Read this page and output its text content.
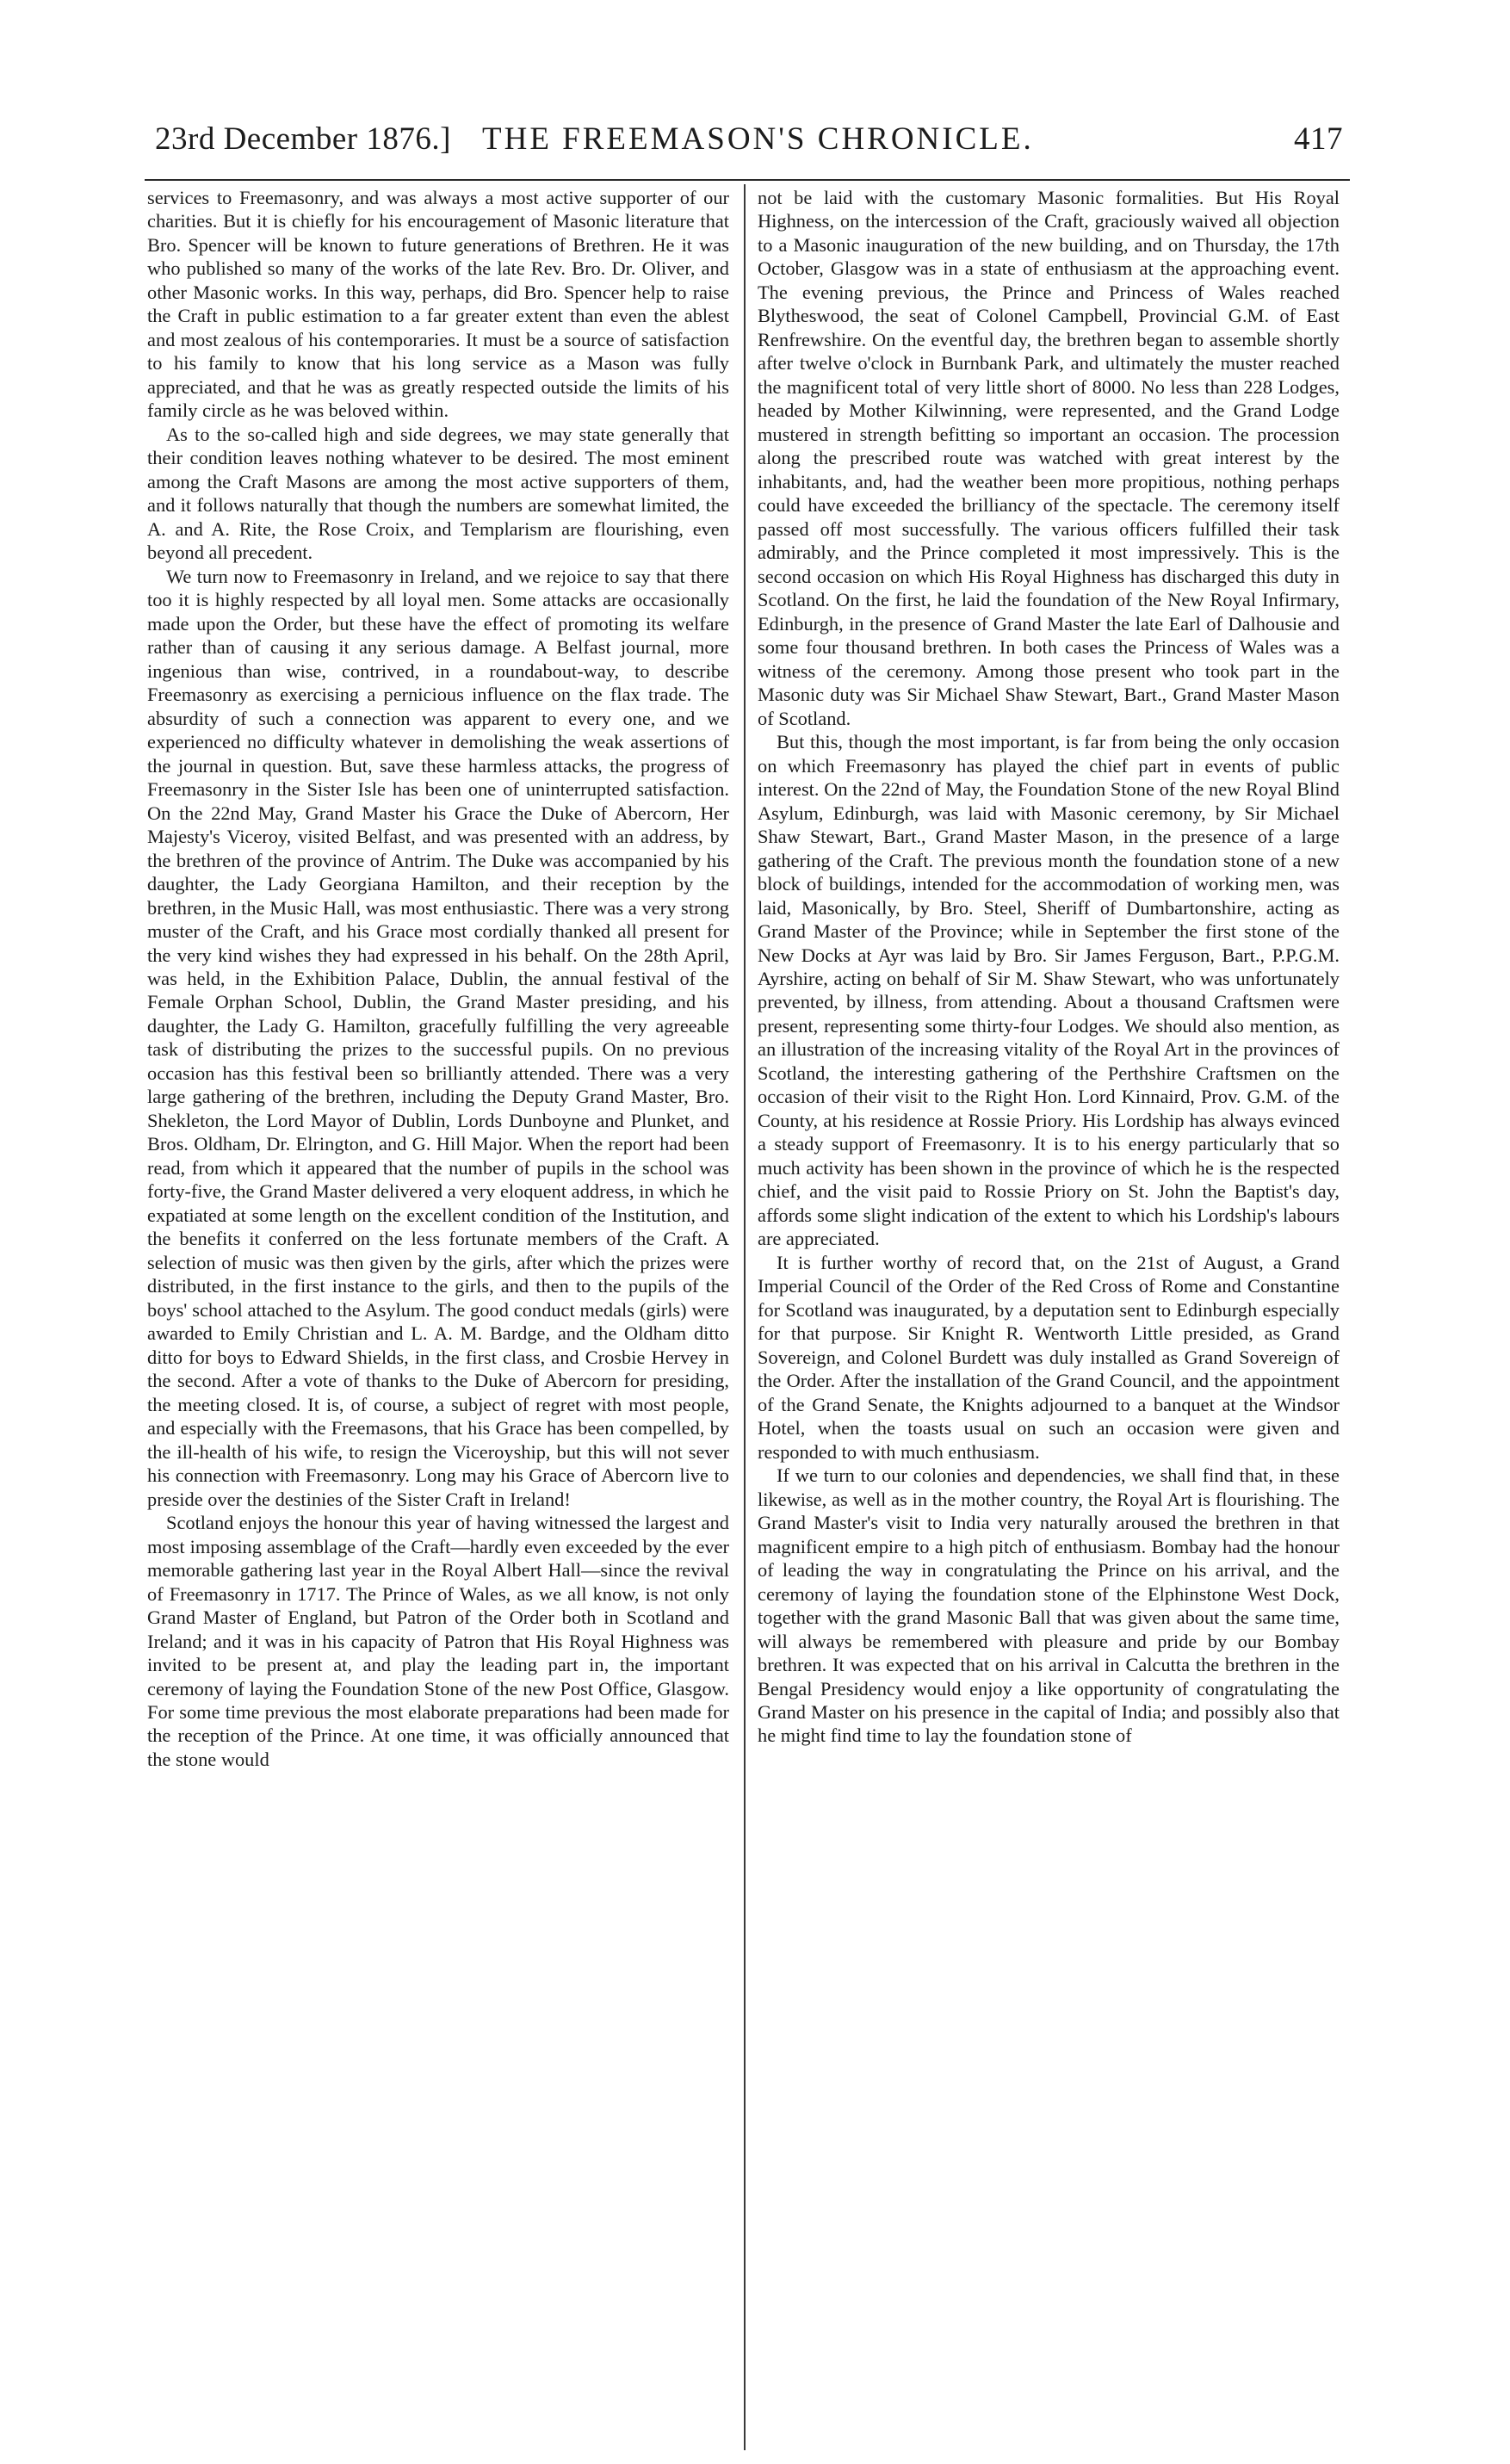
23rd December 1876.] THE FREEMASON'S CHRONICLE.	417

services to Freemasonry, and was always a most active supporter of our charities. But it is chiefly for his encouragement of Masonic literature that Bro. Spencer will be known to future generations of Brethren. He it was who published so many of the works of the late Rev. Bro. Dr. Oliver, and other Masonic works. In this way, perhaps, did Bro. Spencer help to raise the Craft in public estimation to a far greater extent than even the ablest and most zealous of his contemporaries. It must be a source of satisfaction to his family to know that his long service as a Mason was fully appreciated, and that he was as greatly respected outside the limits of his family circle as he was beloved within.

As to the so-called high and side degrees, we may state generally that their condition leaves nothing whatever to be desired. The most eminent among the Craft Masons are among the most active supporters of them, and it follows naturally that though the numbers are somewhat limited, the A. and A. Rite, the Rose Croix, and Templarism are flourishing, even beyond all precedent.

We turn now to Freemasonry in Ireland, and we rejoice to say that there too it is highly respected by all loyal men. Some attacks are occasionally made upon the Order, but these have the effect of promoting its welfare rather than of causing it any serious damage. A Belfast journal, more ingenious than wise, contrived, in a roundabout-way, to describe Freemasonry as exercising a pernicious influence on the flax trade. The absurdity of such a connection was apparent to every one, and we experienced no difficulty whatever in demolishing the weak assertions of the journal in question. But, save these harmless attacks, the progress of Freemasonry in the Sister Isle has been one of uninterrupted satisfaction. On the 22nd May, Grand Master his Grace the Duke of Abercorn, Her Majesty's Viceroy, visited Belfast, and was presented with an address, by the brethren of the province of Antrim. The Duke was accompanied by his daughter, the Lady Georgiana Hamilton, and their reception by the brethren, in the Music Hall, was most enthusiastic. There was a very strong muster of the Craft, and his Grace most cordially thanked all present for the very kind wishes they had expressed in his behalf. On the 28th April, was held, in the Exhibition Palace, Dublin, the annual festival of the Female Orphan School, Dublin, the Grand Master presiding, and his daughter, the Lady G. Hamilton, gracefully fulfilling the very agreeable task of distributing the prizes to the successful pupils. On no previous occasion has this festival been so brilliantly attended. There was a very large gathering of the brethren, including the Deputy Grand Master, Bro. Shekleton, the Lord Mayor of Dublin, Lords Dunboyne and Plunket, and Bros. Oldham, Dr. Elrington, and G. Hill Major. When the report had been read, from which it appeared that the number of pupils in the school was forty-five, the Grand Master delivered a very eloquent address, in which he expatiated at some length on the excellent condition of the Institution, and the benefits it conferred on the less fortunate members of the Craft. A selection of music was then given by the girls, after which the prizes were distributed, in the first instance to the girls, and then to the pupils of the boys' school attached to the Asylum. The good conduct medals (girls) were awarded to Emily Christian and L. A. M. Bardge, and the Oldham ditto ditto for boys to Edward Shields, in the first class, and Crosbie Hervey in the second. After a vote of thanks to the Duke of Abercorn for presiding, the meeting closed. It is, of course, a subject of regret with most people, and especially with the Freemasons, that his Grace has been compelled, by the ill-health of his wife, to resign the Viceroyship, but this will not sever his connection with Freemasonry. Long may his Grace of Abercorn live to preside over the destinies of the Sister Craft in Ireland!

Scotland enjoys the honour this year of having witnessed the largest and most imposing assemblage of the Craft—hardly even exceeded by the ever memorable gathering last year in the Royal Albert Hall—since the revival of Freemasonry in 1717. The Prince of Wales, as we all know, is not only Grand Master of England, but Patron of the Order both in Scotland and Ireland; and it was in his capacity of Patron that His Royal Highness was invited to be present at, and play the leading part in, the important ceremony of laying the Foundation Stone of the new Post Office, Glasgow. For some time previous the most elaborate preparations had been made for the reception of the Prince. At one time, it was officially announced that the stone would

not be laid with the customary Masonic formalities. But His Royal Highness, on the intercession of the Craft, graciously waived all objection to a Masonic inauguration of the new building, and on Thursday, the 17th October, Glasgow was in a state of enthusiasm at the approaching event. The evening previous, the Prince and Princess of Wales reached Blytheswood, the seat of Colonel Campbell, Provincial G.M. of East Renfrewshire. On the eventful day, the brethren began to assemble shortly after twelve o'clock in Burnbank Park, and ultimately the muster reached the magnificent total of very little short of 8000. No less than 228 Lodges, headed by Mother Kilwinning, were represented, and the Grand Lodge mustered in strength befitting so important an occasion. The procession along the prescribed route was watched with great interest by the inhabitants, and, had the weather been more propitious, nothing perhaps could have exceeded the brilliancy of the spectacle. The ceremony itself passed off most successfully. The various officers fulfilled their task admirably, and the Prince completed it most impressively. This is the second occasion on which His Royal Highness has discharged this duty in Scotland. On the first, he laid the foundation of the New Royal Infirmary, Edinburgh, in the presence of Grand Master the late Earl of Dalhousie and some four thousand brethren. In both cases the Princess of Wales was a witness of the ceremony. Among those present who took part in the Masonic duty was Sir Michael Shaw Stewart, Bart., Grand Master Mason of Scotland.

But this, though the most important, is far from being the only occasion on which Freemasonry has played the chief part in events of public interest. On the 22nd of May, the Foundation Stone of the new Royal Blind Asylum, Edinburgh, was laid with Masonic ceremony, by Sir Michael Shaw Stewart, Bart., Grand Master Mason, in the presence of a large gathering of the Craft. The previous month the foundation stone of a new block of buildings, intended for the accommodation of working men, was laid, Masonically, by Bro. Steel, Sheriff of Dumbartonshire, acting as Grand Master of the Province; while in September the first stone of the New Docks at Ayr was laid by Bro. Sir James Ferguson, Bart., P.P.G.M. Ayrshire, acting on behalf of Sir M. Shaw Stewart, who was unfortunately prevented, by illness, from attending. About a thousand Craftsmen were present, representing some thirty-four Lodges. We should also mention, as an illustration of the increasing vitality of the Royal Art in the provinces of Scotland, the interesting gathering of the Perthshire Craftsmen on the occasion of their visit to the Right Hon. Lord Kinnaird, Prov. G.M. of the County, at his residence at Rossie Priory. His Lordship has always evinced a steady support of Freemasonry. It is to his energy particularly that so much activity has been shown in the province of which he is the respected chief, and the visit paid to Rossie Priory on St. John the Baptist's day, affords some slight indication of the extent to which his Lordship's labours are appreciated.

It is further worthy of record that, on the 21st of August, a Grand Imperial Council of the Order of the Red Cross of Rome and Constantine for Scotland was inaugurated, by a deputation sent to Edinburgh especially for that purpose. Sir Knight R. Wentworth Little presided, as Grand Sovereign, and Colonel Burdett was duly installed as Grand Sovereign of the Order. After the installation of the Grand Council, and the appointment of the Grand Senate, the Knights adjourned to a banquet at the Windsor Hotel, when the toasts usual on such an occasion were given and responded to with much enthusiasm.

If we turn to our colonies and dependencies, we shall find that, in these likewise, as well as in the mother country, the Royal Art is flourishing. The Grand Master's visit to India very naturally aroused the brethren in that magnificent empire to a high pitch of enthusiasm. Bombay had the honour of leading the way in congratulating the Prince on his arrival, and the ceremony of laying the foundation stone of the Elphinstone West Dock, together with the grand Masonic Ball that was given about the same time, will always be remembered with pleasure and pride by our Bombay brethren. It was expected that on his arrival in Calcutta the brethren in the Bengal Presidency would enjoy a like opportunity of congratulating the Grand Master on his presence in the capital of India; and possibly also that he might find time to lay the foundation stone of
